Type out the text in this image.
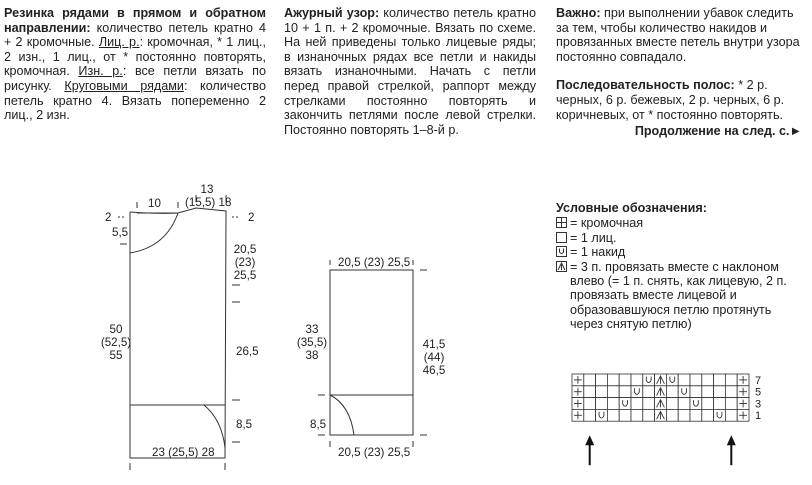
Резинка рядами в прямом и обратном направлении: количество петель кратно 4 + 2 кромочные. Лиц. р.: кромочная, * 1 лиц., 2 изн., 1 лиц., от * постоянно повторять, кромочная. Изн. р.: все петли вязать по рисунку. Круговыми рядами: количество петель кратно 4. Вязать попеременно 2 лиц., 2 изн.

Ажурный узор: количество петель кратно 10 + 1 п. + 2 кромочные. Вязать по схеме. На ней приведены только лицевые ряды; в изнаночных рядах все петли и накиды вязать изнаночными. Начать с петли перед правой стрелкой, раппорт между стрелками постоянно повторять и закончить петлями после левой стрелки. Постоянно повторять 1–8-й р.

Важно: при выполнении убавок следить за тем, чтобы количество накидов и провязанных вместе петель внутри узора постоянно совпадало.

Последовательность полос: * 2 р. черных, 6 р. бежевых, 2 р. черных, 6 р. коричневых, от * постоянно повторять.

Продолжение на след. с.►

Условные обозначения:

= кромочная
= 1 лиц.
= 1 накид
= 3 п. провязать вместе с наклоном влево (= 1 п. снять, как лицевую, 2 п. провязать вместе лицевой и образовавшуюся петлю протянуть через снятую петлю)
10
13
(15,5) 18
2	2
5,5
20,5
(23)
25,5
50
(52,5)
55	26,5
8,5
23 (25,5) 28
20,5 (23) 25,5
33
(35,5)
38
41,5
(44)
46,5
8,5
20,5 (23) 25,5
7
5
3
1
